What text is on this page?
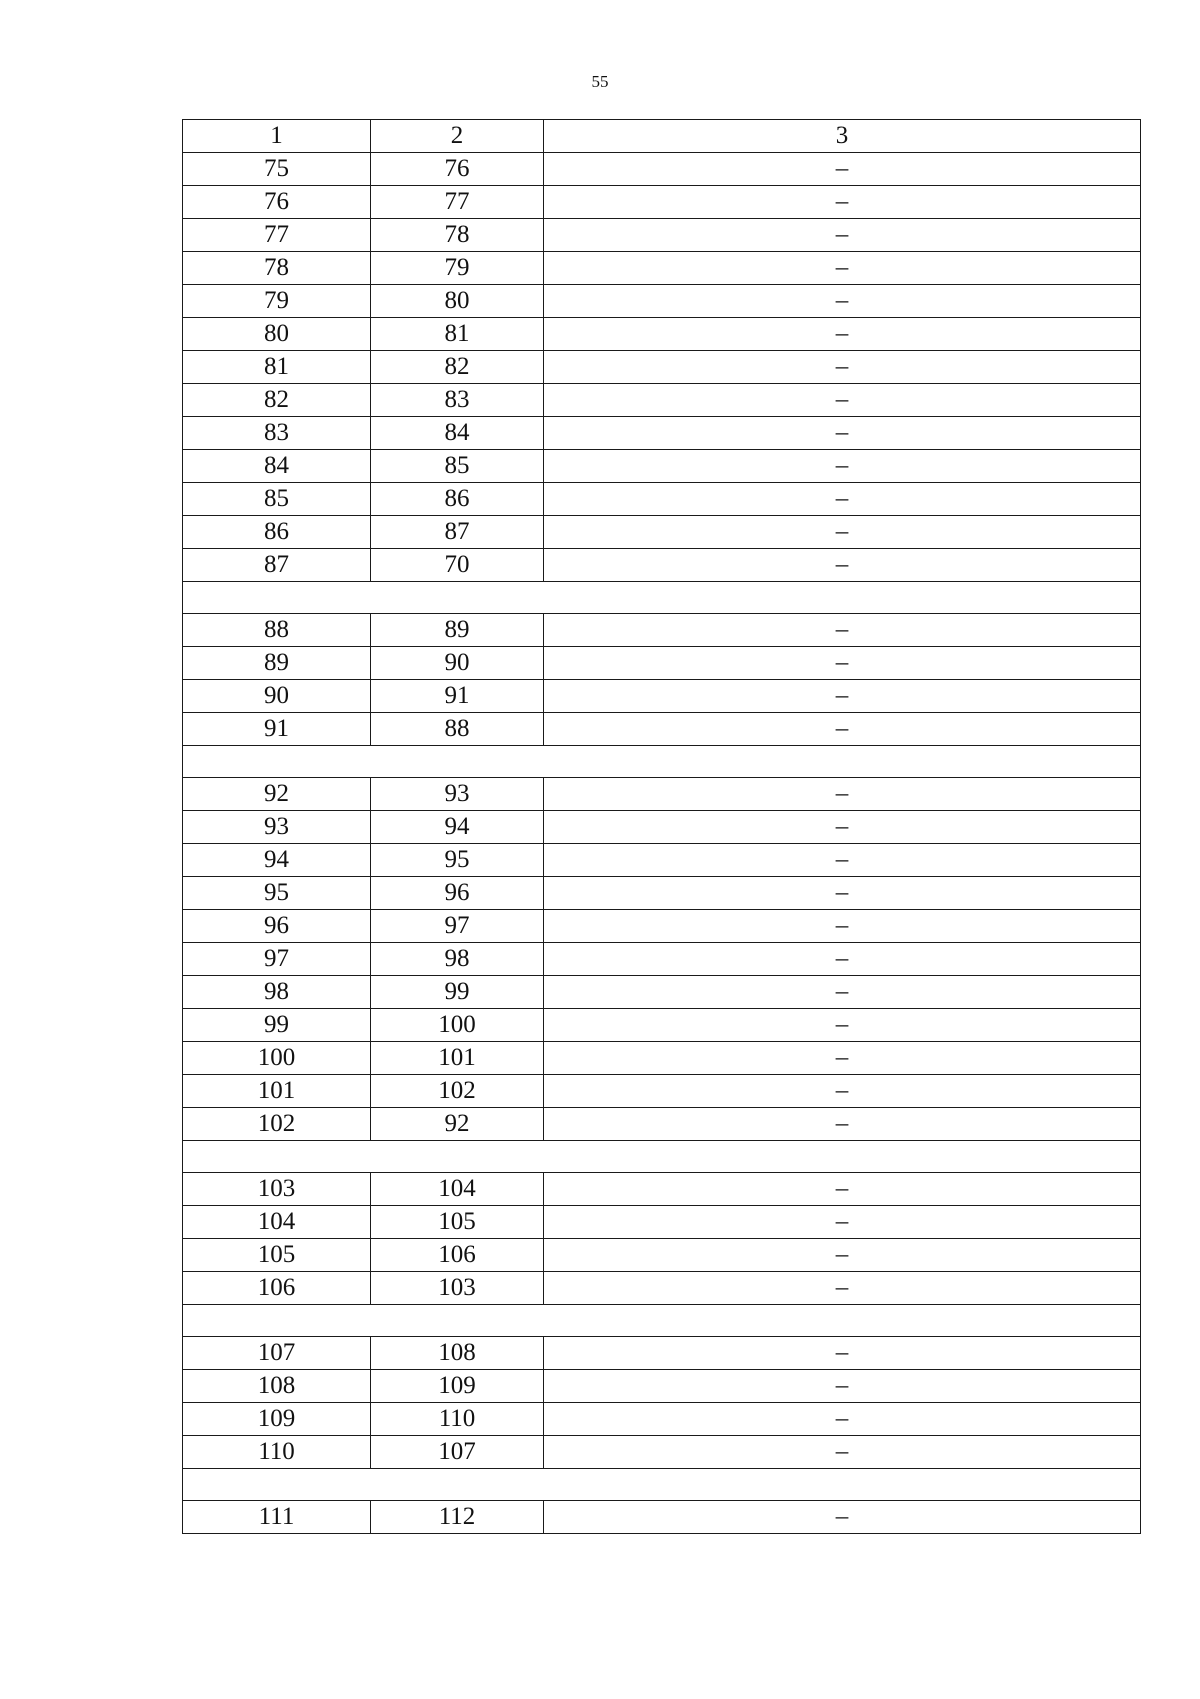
55
1	2	3
75	76	–
76	77	–
77	78	–
78	79	–
79	80	–
80	81	–
81	82	–
82	83	–
83	84	–
84	85	–
85	86	–
86	87	–
87	70	–

88	89	–
89	90	–
90	91	–
91	88	–

92	93	–
93	94	–
94	95	–
95	96	–
96	97	–
97	98	–
98	99	–
99	100	–
100	101	–
101	102	–
102	92	–

103	104	–
104	105	–
105	106	–
106	103	–

107	108	–
108	109	–
109	110	–
110	107	–

111	112	–
